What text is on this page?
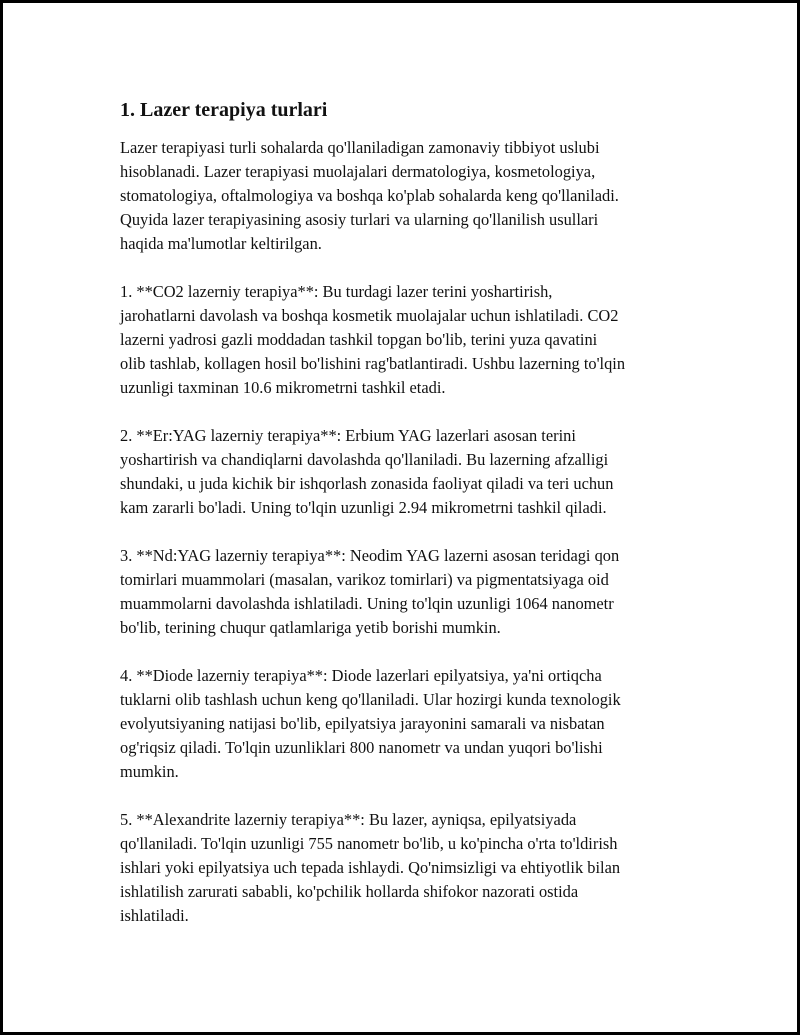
1. Lazer terapiya turlari

Lazer terapiyasi turli sohalarda qo'llaniladigan zamonaviy tibbiyot uslubi
hisoblanadi. Lazer terapiyasi muolajalari dermatologiya, kosmetologiya,
stomatologiya, oftalmologiya va boshqa ko'plab sohalarda keng qo'llaniladi.
Quyida lazer terapiyasining asosiy turlari va ularning qo'llanilish usullari
haqida ma'lumotlar keltirilgan.

1. **CO2 lazerniy terapiya**: Bu turdagi lazer terini yoshartirish,
jarohatlarni davolash va boshqa kosmetik muolajalar uchun ishlatiladi. CO2
lazerni yadrosi gazli moddadan tashkil topgan bo'lib, terini yuza qavatini
olib tashlab, kollagen hosil bo'lishini rag'batlantiradi. Ushbu lazerning to'lqin
uzunligi taxminan 10.6 mikrometrni tashkil etadi.

2. **Er:YAG lazerniy terapiya**: Erbium YAG lazerlari asosan terini
yoshartirish va chandiqlarni davolashda qo'llaniladi. Bu lazerning afzalligi
shundaki, u juda kichik bir ishqorlash zonasida faoliyat qiladi va teri uchun
kam zararli bo'ladi. Uning to'lqin uzunligi 2.94 mikrometrni tashkil qiladi.

3. **Nd:YAG lazerniy terapiya**: Neodim YAG lazerni asosan teridagi qon
tomirlari muammolari (masalan, varikoz tomirlari) va pigmentatsiyaga oid
muammolarni davolashda ishlatiladi. Uning to'lqin uzunligi 1064 nanometr
bo'lib, terining chuqur qatlamlariga yetib borishi mumkin.

4. **Diode lazerniy terapiya**: Diode lazerlari epilyatsiya, ya'ni ortiqcha
tuklarni olib tashlash uchun keng qo'llaniladi. Ular hozirgi kunda texnologik
evolyutsiyaning natijasi bo'lib, epilyatsiya jarayonini samarali va nisbatan
og'riqsiz qiladi. To'lqin uzunliklari 800 nanometr va undan yuqori bo'lishi
mumkin.

5. **Alexandrite lazerniy terapiya**: Bu lazer, ayniqsa, epilyatsiyada
qo'llaniladi. To'lqin uzunligi 755 nanometr bo'lib, u ko'pincha o'rta to'ldirish
ishlari yoki epilyatsiya uch tepada ishlaydi. Qo'nimsizligi va ehtiyotlik bilan
ishlatilish zarurati sababli, ko'pchilik hollarda shifokor nazorati ostida
ishlatiladi.
